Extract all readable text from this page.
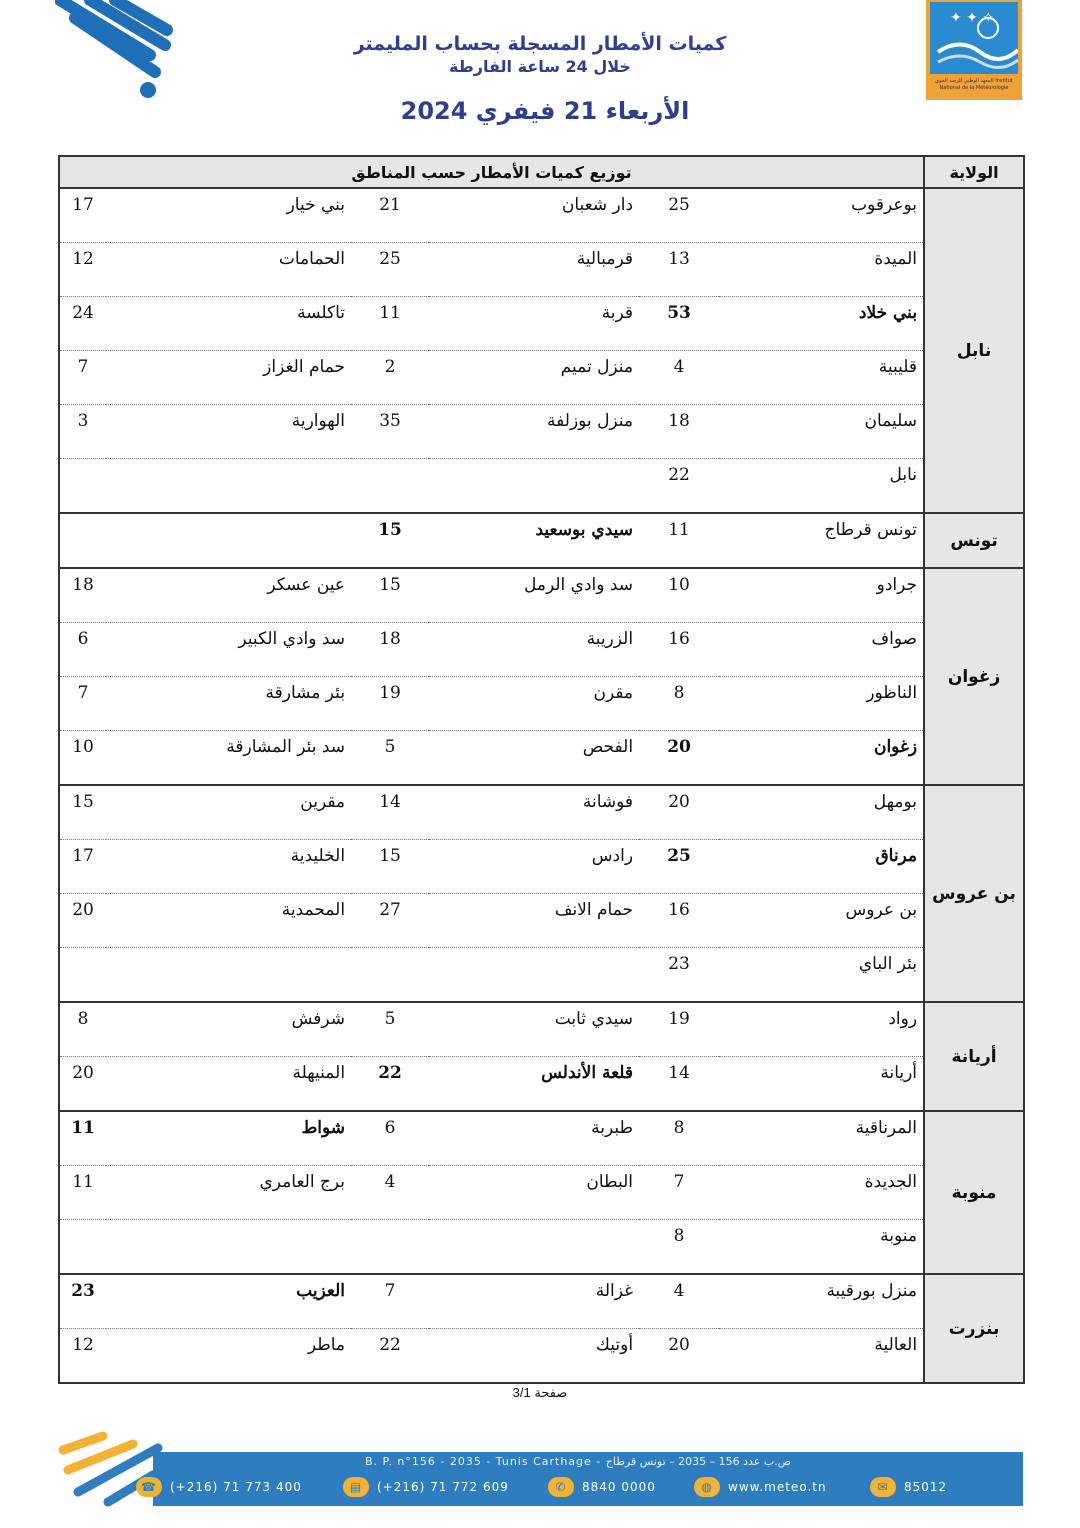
✦ ✦ ✧
المعهد الوطني للرصد الجوي Institut National de la Météorologie
كميات الأمطار المسجلة بحساب المليمتر
خلال 24 ساعة الفارطة
الأربعاء 21 فيفري 2024
الولاية	توزيع كميات الأمطار حسب المناطق					
نابل	بوعرقوب	25	دار شعبان	21	بني خيار	17
	الميدة	13	قرمبالية	25	الحمامات	12
	بني خلاد	53	قربة	11	تاكلسة	24
	قليبية	4	منزل تميم	2	حمام الغزاز	7
	سليمان	18	منزل بوزلفة	35	الهوارية	3
	نابل	22				
تونس	تونس قرطاج	11	سيدي بوسعيد	15		
زغوان	جرادو	10	سد وادي الرمل	15	عين عسكر	18
	صواف	16	الزريبة	18	سد وادي الكبير	6
	الناظور	8	مقرن	19	بئر مشارقة	7
	زغوان	20	الفحص	5	سد بئر المشارقة	10
بن عروس	بومهل	20	فوشانة	14	مقرين	15
	مرناق	25	رادس	15	الخليدية	17
	بن عروس	16	حمام الانف	27	المحمدية	20
	بئر الباي	23				
أريانة	رواد	19	سيدي ثابت	5	شرفش	8
	أريانة	14	قلعة الأندلس	22	المنيهلة	20
منوبة	المرناقية	8	طبربة	6	شواط	11
	الجديدة	7	البطان	4	برج العامري	11
	منوبة	8				
بنزرت	منزل بورقيبة	4	غزالة	7	العزيب	23
	العالية	20	أوتيك	22	ماطر	12
صفحة 3/1
B. P. n°156 - 2035 - Tunis Carthage - ص.ب عدد 156 – 2035 – تونس قرطاج
☎	(+216) 71 773 400	▤	(+216) 71 772 609	✆	8840 0000	◍	www.meteo.tn	✉	85012
